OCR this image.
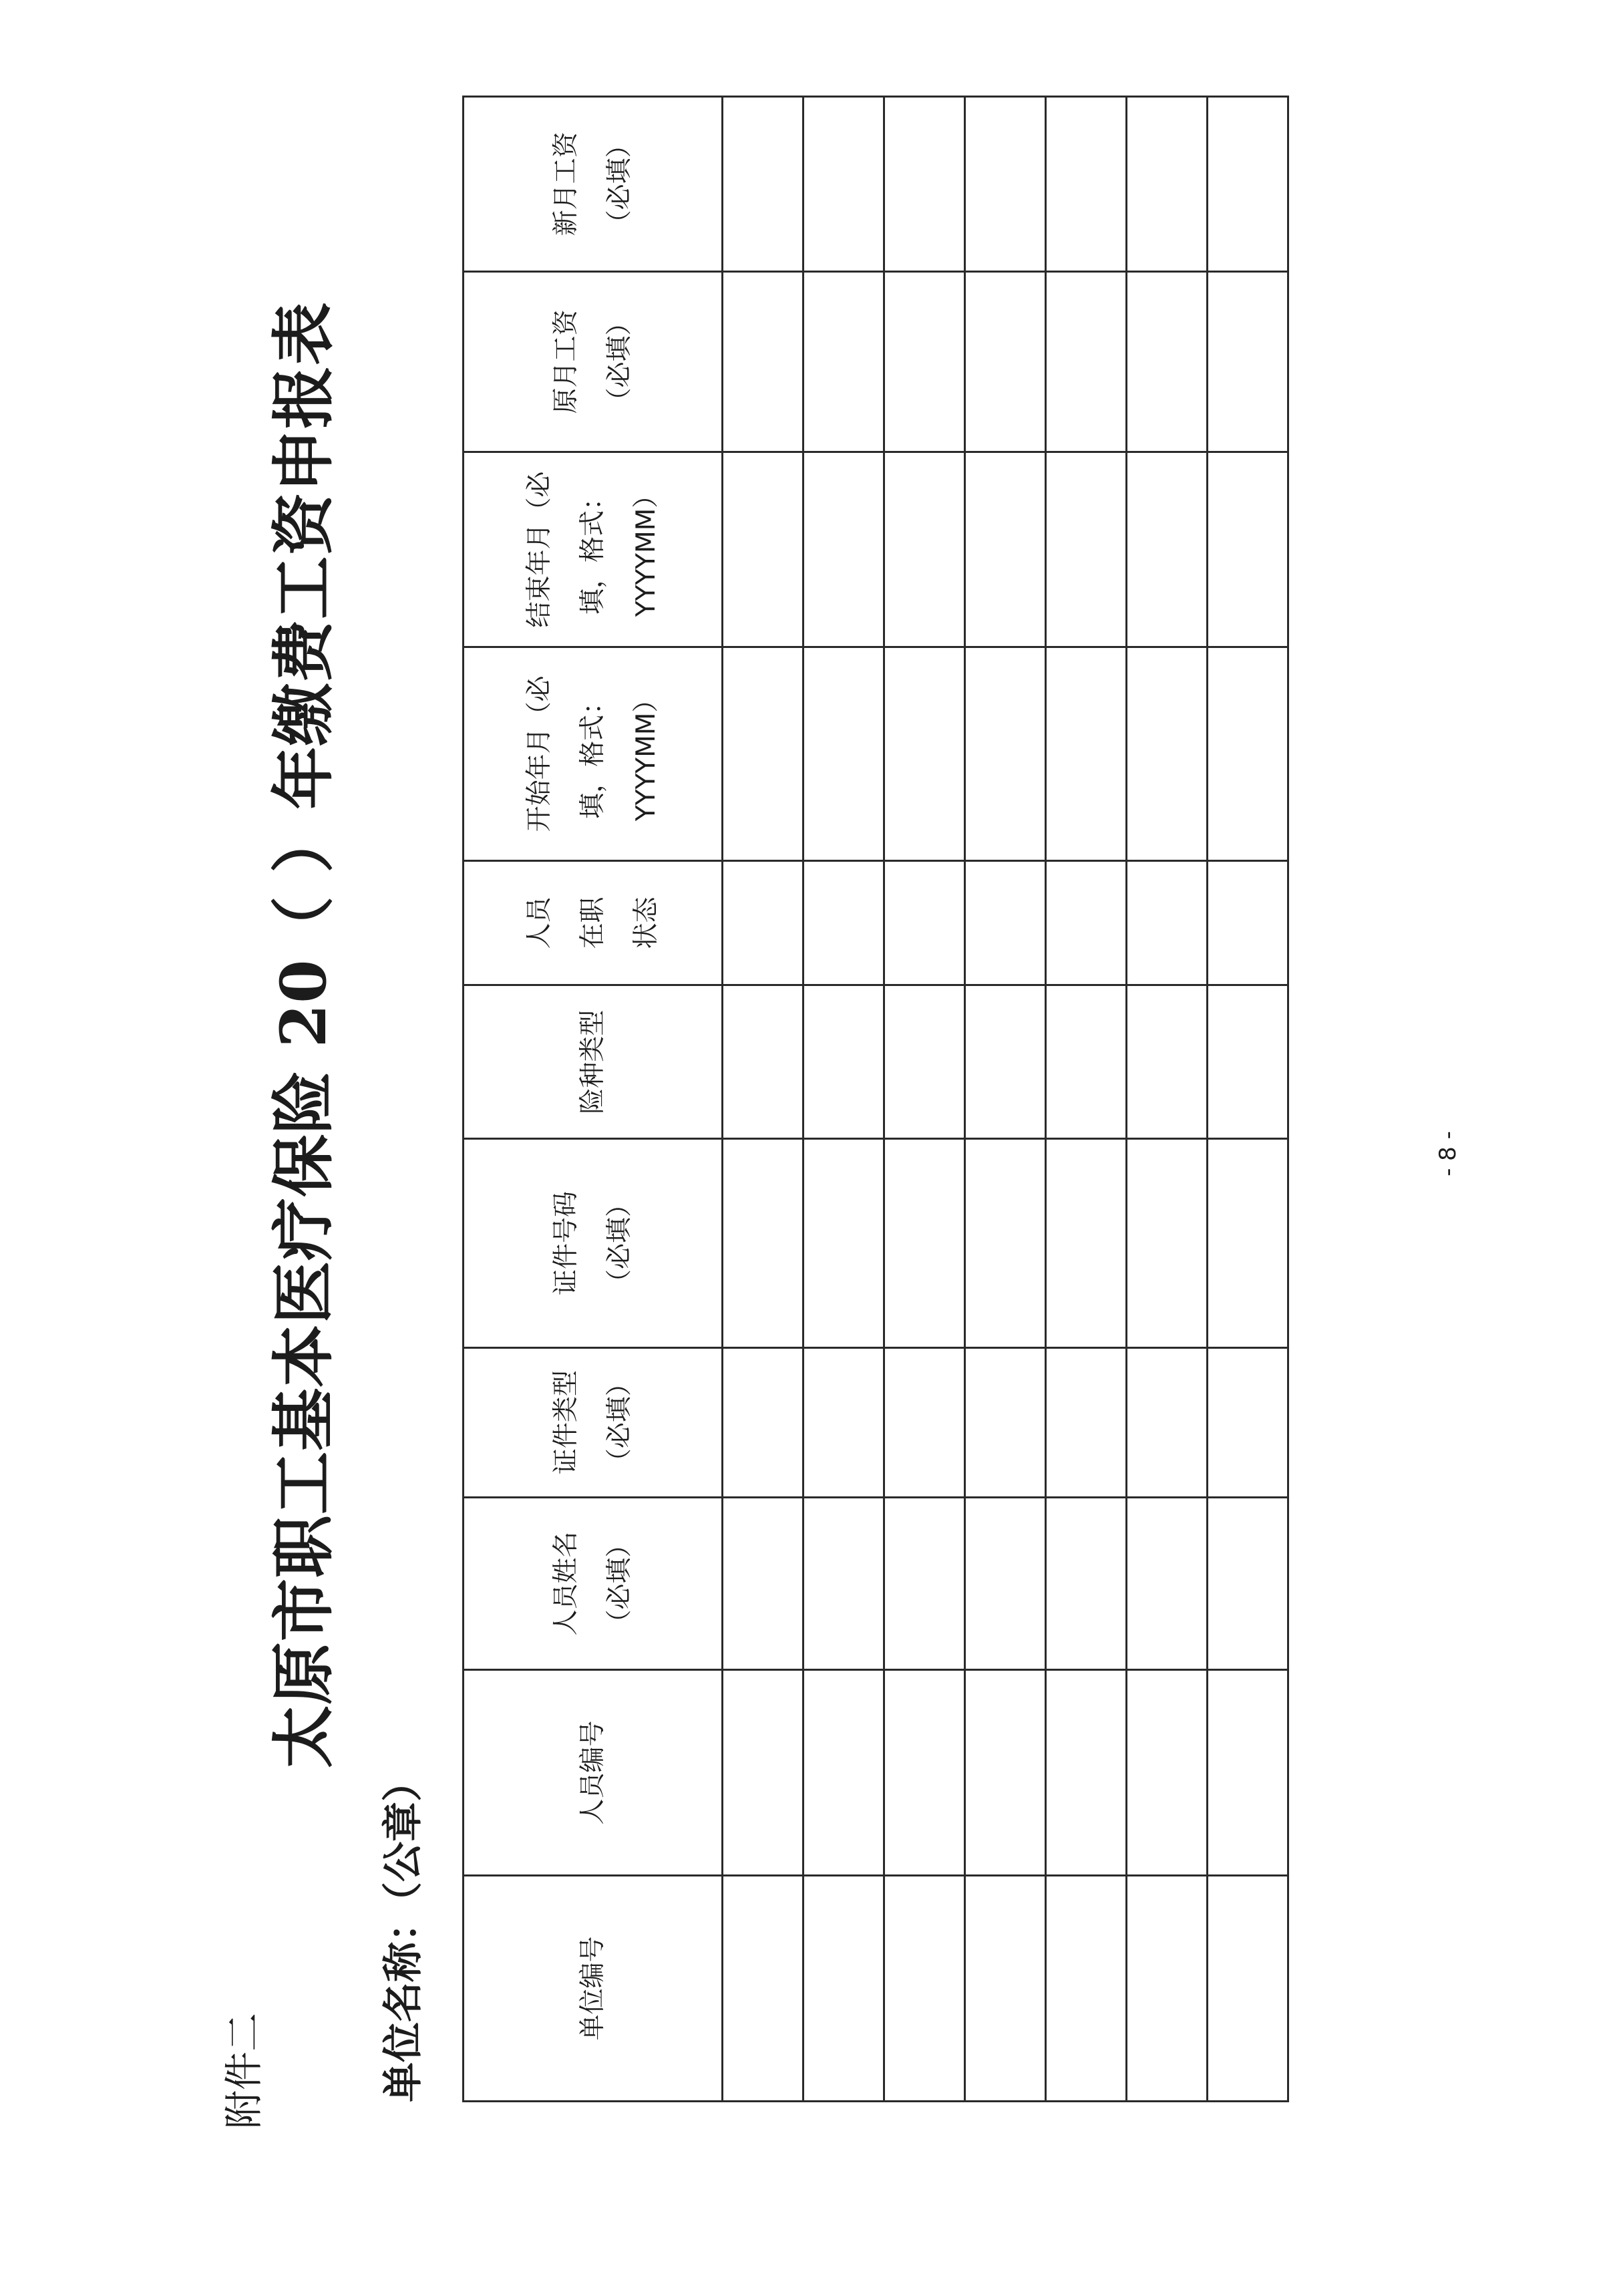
附件二
太原市职工基本医疗保险 20（ ）年缴费工资申报表
单位名称：（公章）	单位编号	人员编号	人员姓名 （必填）	证件类型 （必填）	证件号码 （必填）	险种类型	人员 在职 状态	开始年月（必 填，格式： YYYYMM）	结束年月（必 填，格式： YYYYMM）	原月工资 （必填）	新月工资 （必填）

- 8 -
